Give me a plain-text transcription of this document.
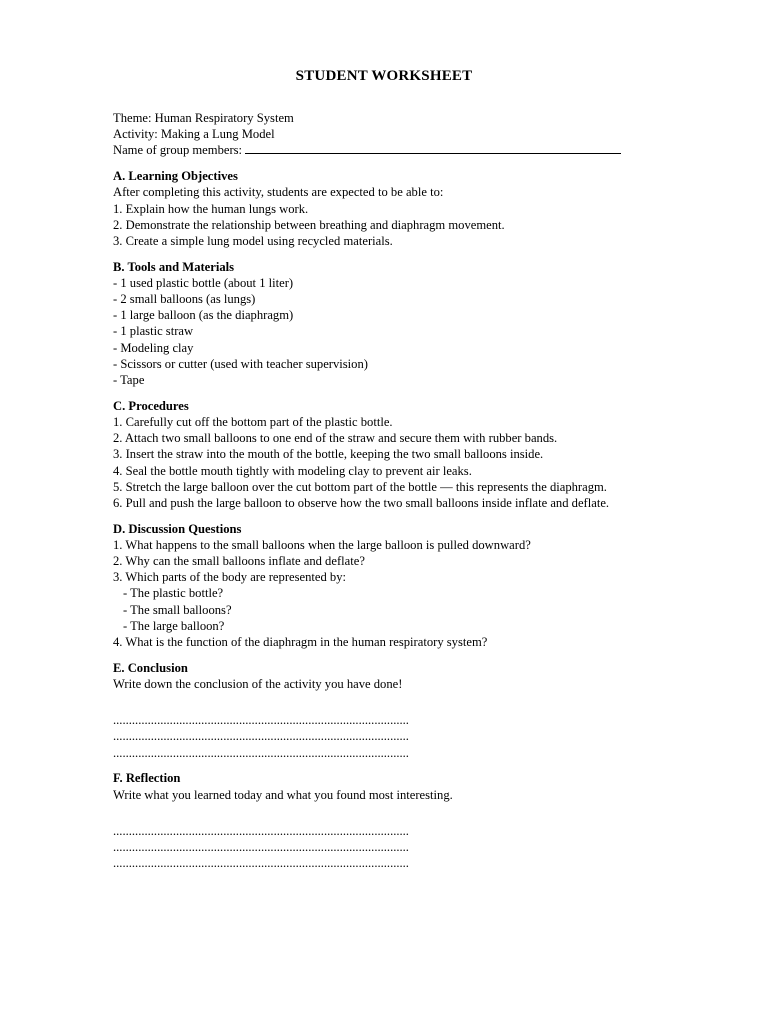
STUDENT WORKSHEET
Theme: Human Respiratory System
Activity: Making a Lung Model
Name of group members:
A. Learning Objectives
After completing this activity, students are expected to be able to:
1. Explain how the human lungs work.
2. Demonstrate the relationship between breathing and diaphragm movement.
3. Create a simple lung model using recycled materials.
B. Tools and Materials
- 1 used plastic bottle (about 1 liter)
- 2 small balloons (as lungs)
- 1 large balloon (as the diaphragm)
- 1 plastic straw
- Modeling clay
- Scissors or cutter (used with teacher supervision)
- Tape
C. Procedures
1. Carefully cut off the bottom part of the plastic bottle.
2. Attach two small balloons to one end of the straw and secure them with rubber bands.
3. Insert the straw into the mouth of the bottle, keeping the two small balloons inside.
4. Seal the bottle mouth tightly with modeling clay to prevent air leaks.
5. Stretch the large balloon over the cut bottom part of the bottle — this represents the diaphragm.
6. Pull and push the large balloon to observe how the two small balloons inside inflate and deflate.
D. Discussion Questions
1. What happens to the small balloons when the large balloon is pulled downward?
2. Why can the small balloons inflate and deflate?
3. Which parts of the body are represented by:
- The plastic bottle?
- The small balloons?
- The large balloon?
4. What is the function of the diaphragm in the human respiratory system?
E. Conclusion
Write down the conclusion of the activity you have done!
..............................................................................................
..............................................................................................
..............................................................................................
F. Reflection
Write what you learned today and what you found most interesting.
..............................................................................................
..............................................................................................
..............................................................................................
